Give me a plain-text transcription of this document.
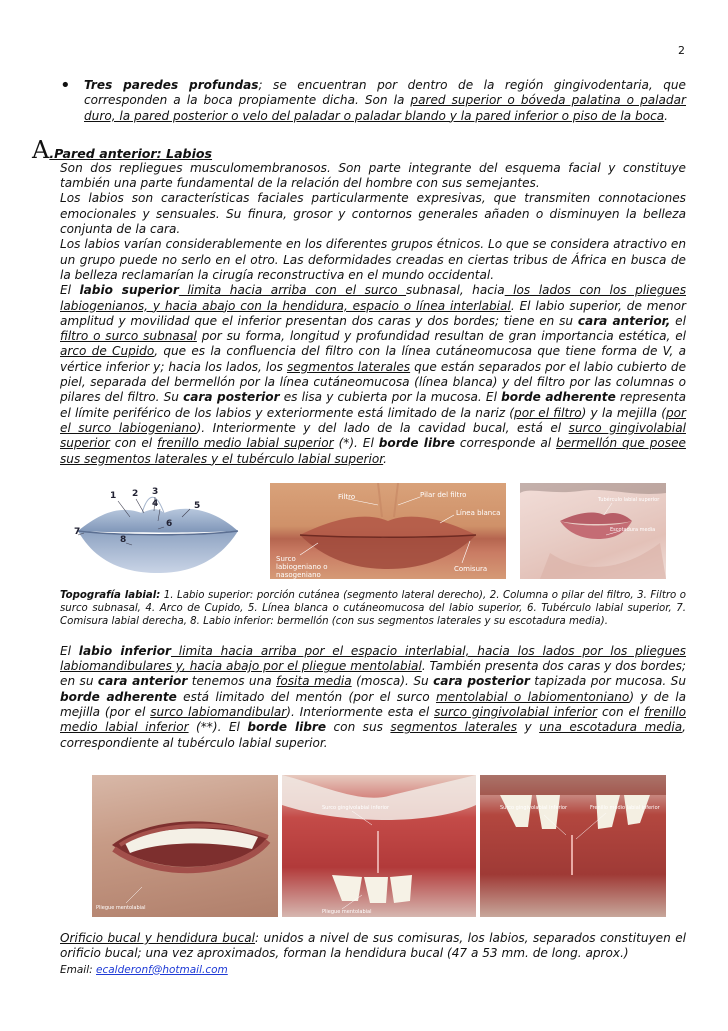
2

• Tres paredes profundas; se encuentran por dentro de la región gingivodentaria, que corresponden a la boca propiamente dicha. Son la pared superior o bóveda palatina o paladar duro, la pared posterior o velo del paladar o paladar blando y la pared inferior o piso de la boca.

A .Pared anterior: Labios

Son dos repliegues musculomembranosos. Son parte integrante del esquema facial y constituye también una parte fundamental de la relación del hombre con sus semejantes.

Los labios son características faciales particularmente expresivas, que transmiten connotaciones emocionales y sensuales. Su finura, grosor y contornos generales añaden o disminuyen la belleza conjunta de la cara.

Los labios varían considerablemente en los diferentes grupos étnicos. Lo que se considera atractivo en un grupo puede no serlo en el otro. Las deformidades creadas en ciertas tribus de África en busca de la belleza reclamarían la cirugía reconstructiva en el mundo occidental.

El labio superior limita hacia arriba con el surco subnasal, hacia los lados con los pliegues labiogenianos, y hacia abajo con la hendidura, espacio o línea interlabial. El labio superior, de menor amplitud y movilidad que el inferior presentan dos caras y dos bordes; tiene en su cara anterior, el filtro o surco subnasal por su forma, longitud y profundidad resultan de gran importancia estética, el arco de Cupido, que es la confluencia del filtro con la línea cutáneomucosa que tiene forma de V, a vértice inferior y; hacia los lados, los segmentos laterales que están separados por el labio cubierto de piel, separada del bermellón por la línea cutáneomucosa (línea blanca) y del filtro por las columnas o pilares del filtro. Su cara posterior es lisa y cubierta por la mucosa. El borde adherente representa el límite periférico de los labios y exteriormente está limitado de la nariz (por el filtro) y la mejilla (por el surco labiogeniano). Interiormente y del lado de la cavidad bucal, está el surco gingivolabial superior con el frenillo medio labial superior (*). El borde libre corresponde al bermellón que posee sus segmentos laterales y el tubérculo labial superior.

1 2 3
4	5
6
7
8
Filtro	Pilar del filtro
Línea blanca
Surco labiogeniano o nasogeniano
Comisura
Tubérculo labial superior
Escotadura media

Topografía labial: 1. Labio superior: porción cutánea (segmento lateral derecho), 2. Columna o pilar del filtro, 3. Filtro o surco subnasal, 4. Arco de Cupido, 5. Línea blanca o cutáneomucosa del labio superior, 6. Tubérculo labial superior, 7. Comisura labial derecha, 8. Labio inferior: bermellón (con sus segmentos laterales y su escotadura media).

El labio inferior limita hacia arriba por el espacio interlabial, hacia los lados por los pliegues labiomandibulares y, hacia abajo por el pliegue mentolabial. También presenta dos caras y dos bordes; en su cara anterior tenemos una fosita media (mosca). Su cara posterior tapizada por mucosa. Su borde adherente está limitado del mentón (por el surco mentolabial o labiomentoniano) y de la mejilla (por el surco labiomandibular). Interiormente esta el surco gingivolabial inferior con el frenillo medio labial inferior (**). El borde libre con sus segmentos laterales y una escotadura media, correspondiente al tubérculo labial superior.

Pliegue mentolabial
Surco gingivolabial inferior
Pliegue mentolabial
Surco gingivolabial inferior	Frenillo medio labial inferior

Orificio bucal y hendidura bucal: unidos a nivel de sus comisuras, los labios, separados constituyen el orificio bucal; una vez aproximados, forman la hendidura bucal (47 a 53 mm. de long. aprox.)

Email: ecalderonf@hotmail.com
